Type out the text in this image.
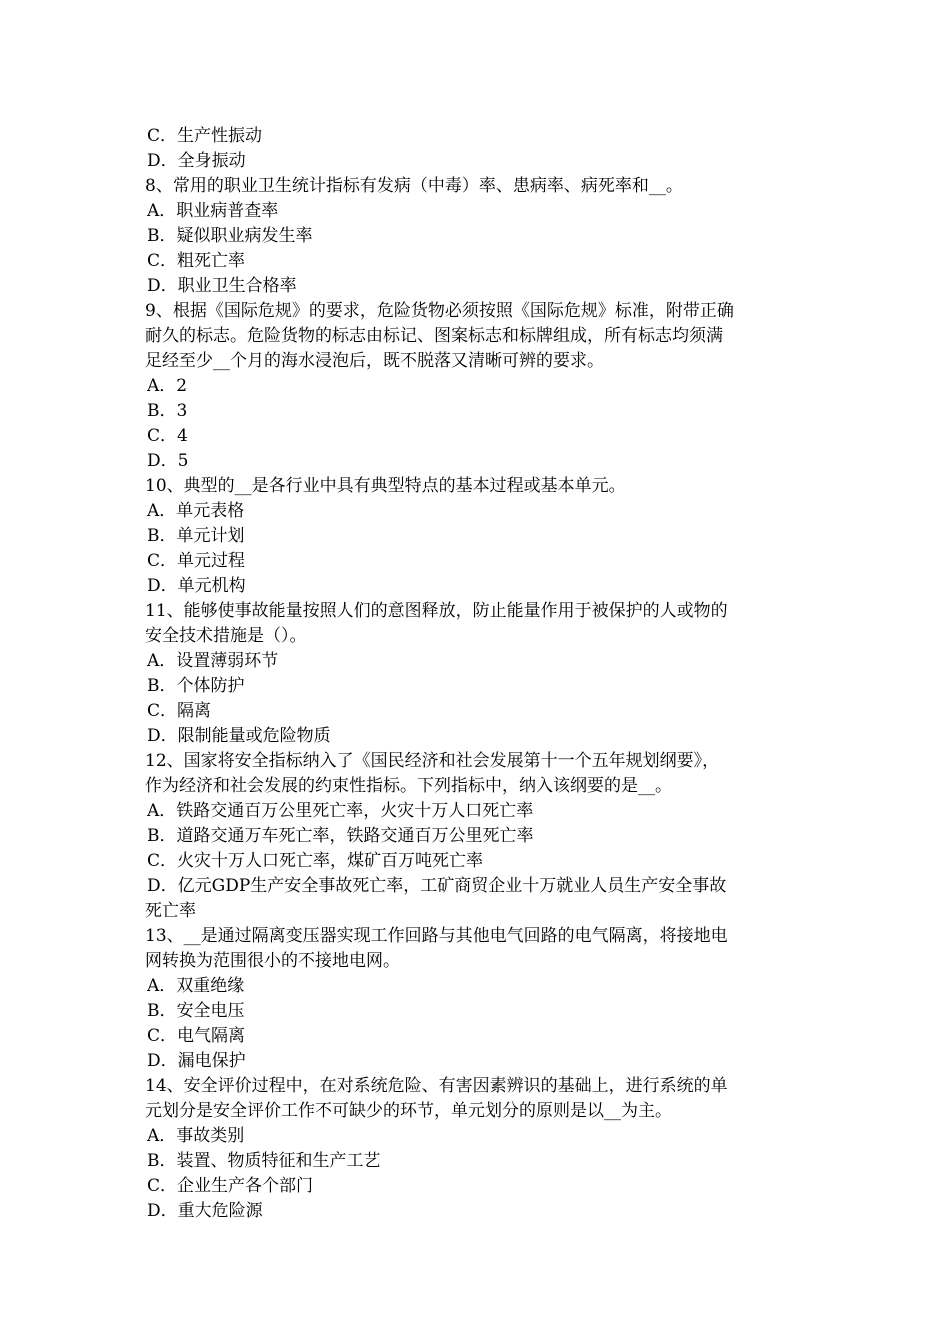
C．生产性振动
D．全身振动
8、常用的职业卫生统计指标有发病（中毒）率、患病率、病死率和__。
A．职业病普查率
B．疑似职业病发生率
C．粗死亡率
D．职业卫生合格率
9、根据《国际危规》的要求，危险货物必须按照《国际危规》标准，附带正确
耐久的标志。危险货物的标志由标记、图案标志和标牌组成，所有标志均须满
足经至少__个月的海水浸泡后，既不脱落又清晰可辨的要求。
A．2
B．3
C．4
D．5
10、典型的__是各行业中具有典型特点的基本过程或基本单元。
A．单元表格
B．单元计划
C．单元过程
D．单元机构
11、能够使事故能量按照人们的意图释放，防止能量作用于被保护的人或物的
安全技术措施是（）。
A．设置薄弱环节
B．个体防护
C．隔离
D．限制能量或危险物质
12、国家将安全指标纳入了《国民经济和社会发展第十一个五年规划纲要》，
作为经济和社会发展的约束性指标。下列指标中，纳入该纲要的是__。
A．铁路交通百万公里死亡率，火灾十万人口死亡率
B．道路交通万车死亡率，铁路交通百万公里死亡率
C．火灾十万人口死亡率，煤矿百万吨死亡率
D．亿元GDP生产安全事故死亡率，工矿商贸企业十万就业人员生产安全事故
死亡率
13、__是通过隔离变压器实现工作回路与其他电气回路的电气隔离，将接地电
网转换为范围很小的不接地电网。
A．双重绝缘
B．安全电压
C．电气隔离
D．漏电保护
14、安全评价过程中，在对系统危险、有害因素辨识的基础上，进行系统的单
元划分是安全评价工作不可缺少的环节，单元划分的原则是以__为主。
A．事故类别
B．装置、物质特征和生产工艺
C．企业生产各个部门
D．重大危险源
